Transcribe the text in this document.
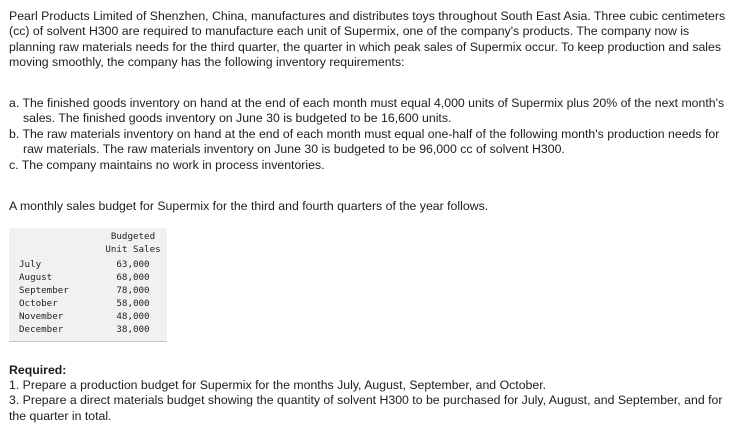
Pearl Products Limited of Shenzhen, China, manufactures and distributes toys throughout South East Asia. Three cubic centimeters (cc) of solvent H300 are required to manufacture each unit of Supermix, one of the company's products. The company now is planning raw materials needs for the third quarter, the quarter in which peak sales of Supermix occur. To keep production and sales moving smoothly, the company has the following inventory requirements:

a. The finished goods inventory on hand at the end of each month must equal 4,000 units of Supermix plus 20% of the next month's sales. The finished goods inventory on June 30 is budgeted to be 16,600 units.
b. The raw materials inventory on hand at the end of each month must equal one-half of the following month's production needs for raw materials. The raw materials inventory on June 30 is budgeted to be 96,000 cc of solvent H300.
c. The company maintains no work in process inventories.

A monthly sales budget for Supermix for the third and fourth quarters of the year follows.

	Budgeted
Unit Sales

July	63,000
August	68,000
September	78,000
October	58,000
November	48,000
December	38,000

Required:

1. Prepare a production budget for Supermix for the months July, August, September, and October.
3. Prepare a direct materials budget showing the quantity of solvent H300 to be purchased for July, August, and September, and for the quarter in total.
